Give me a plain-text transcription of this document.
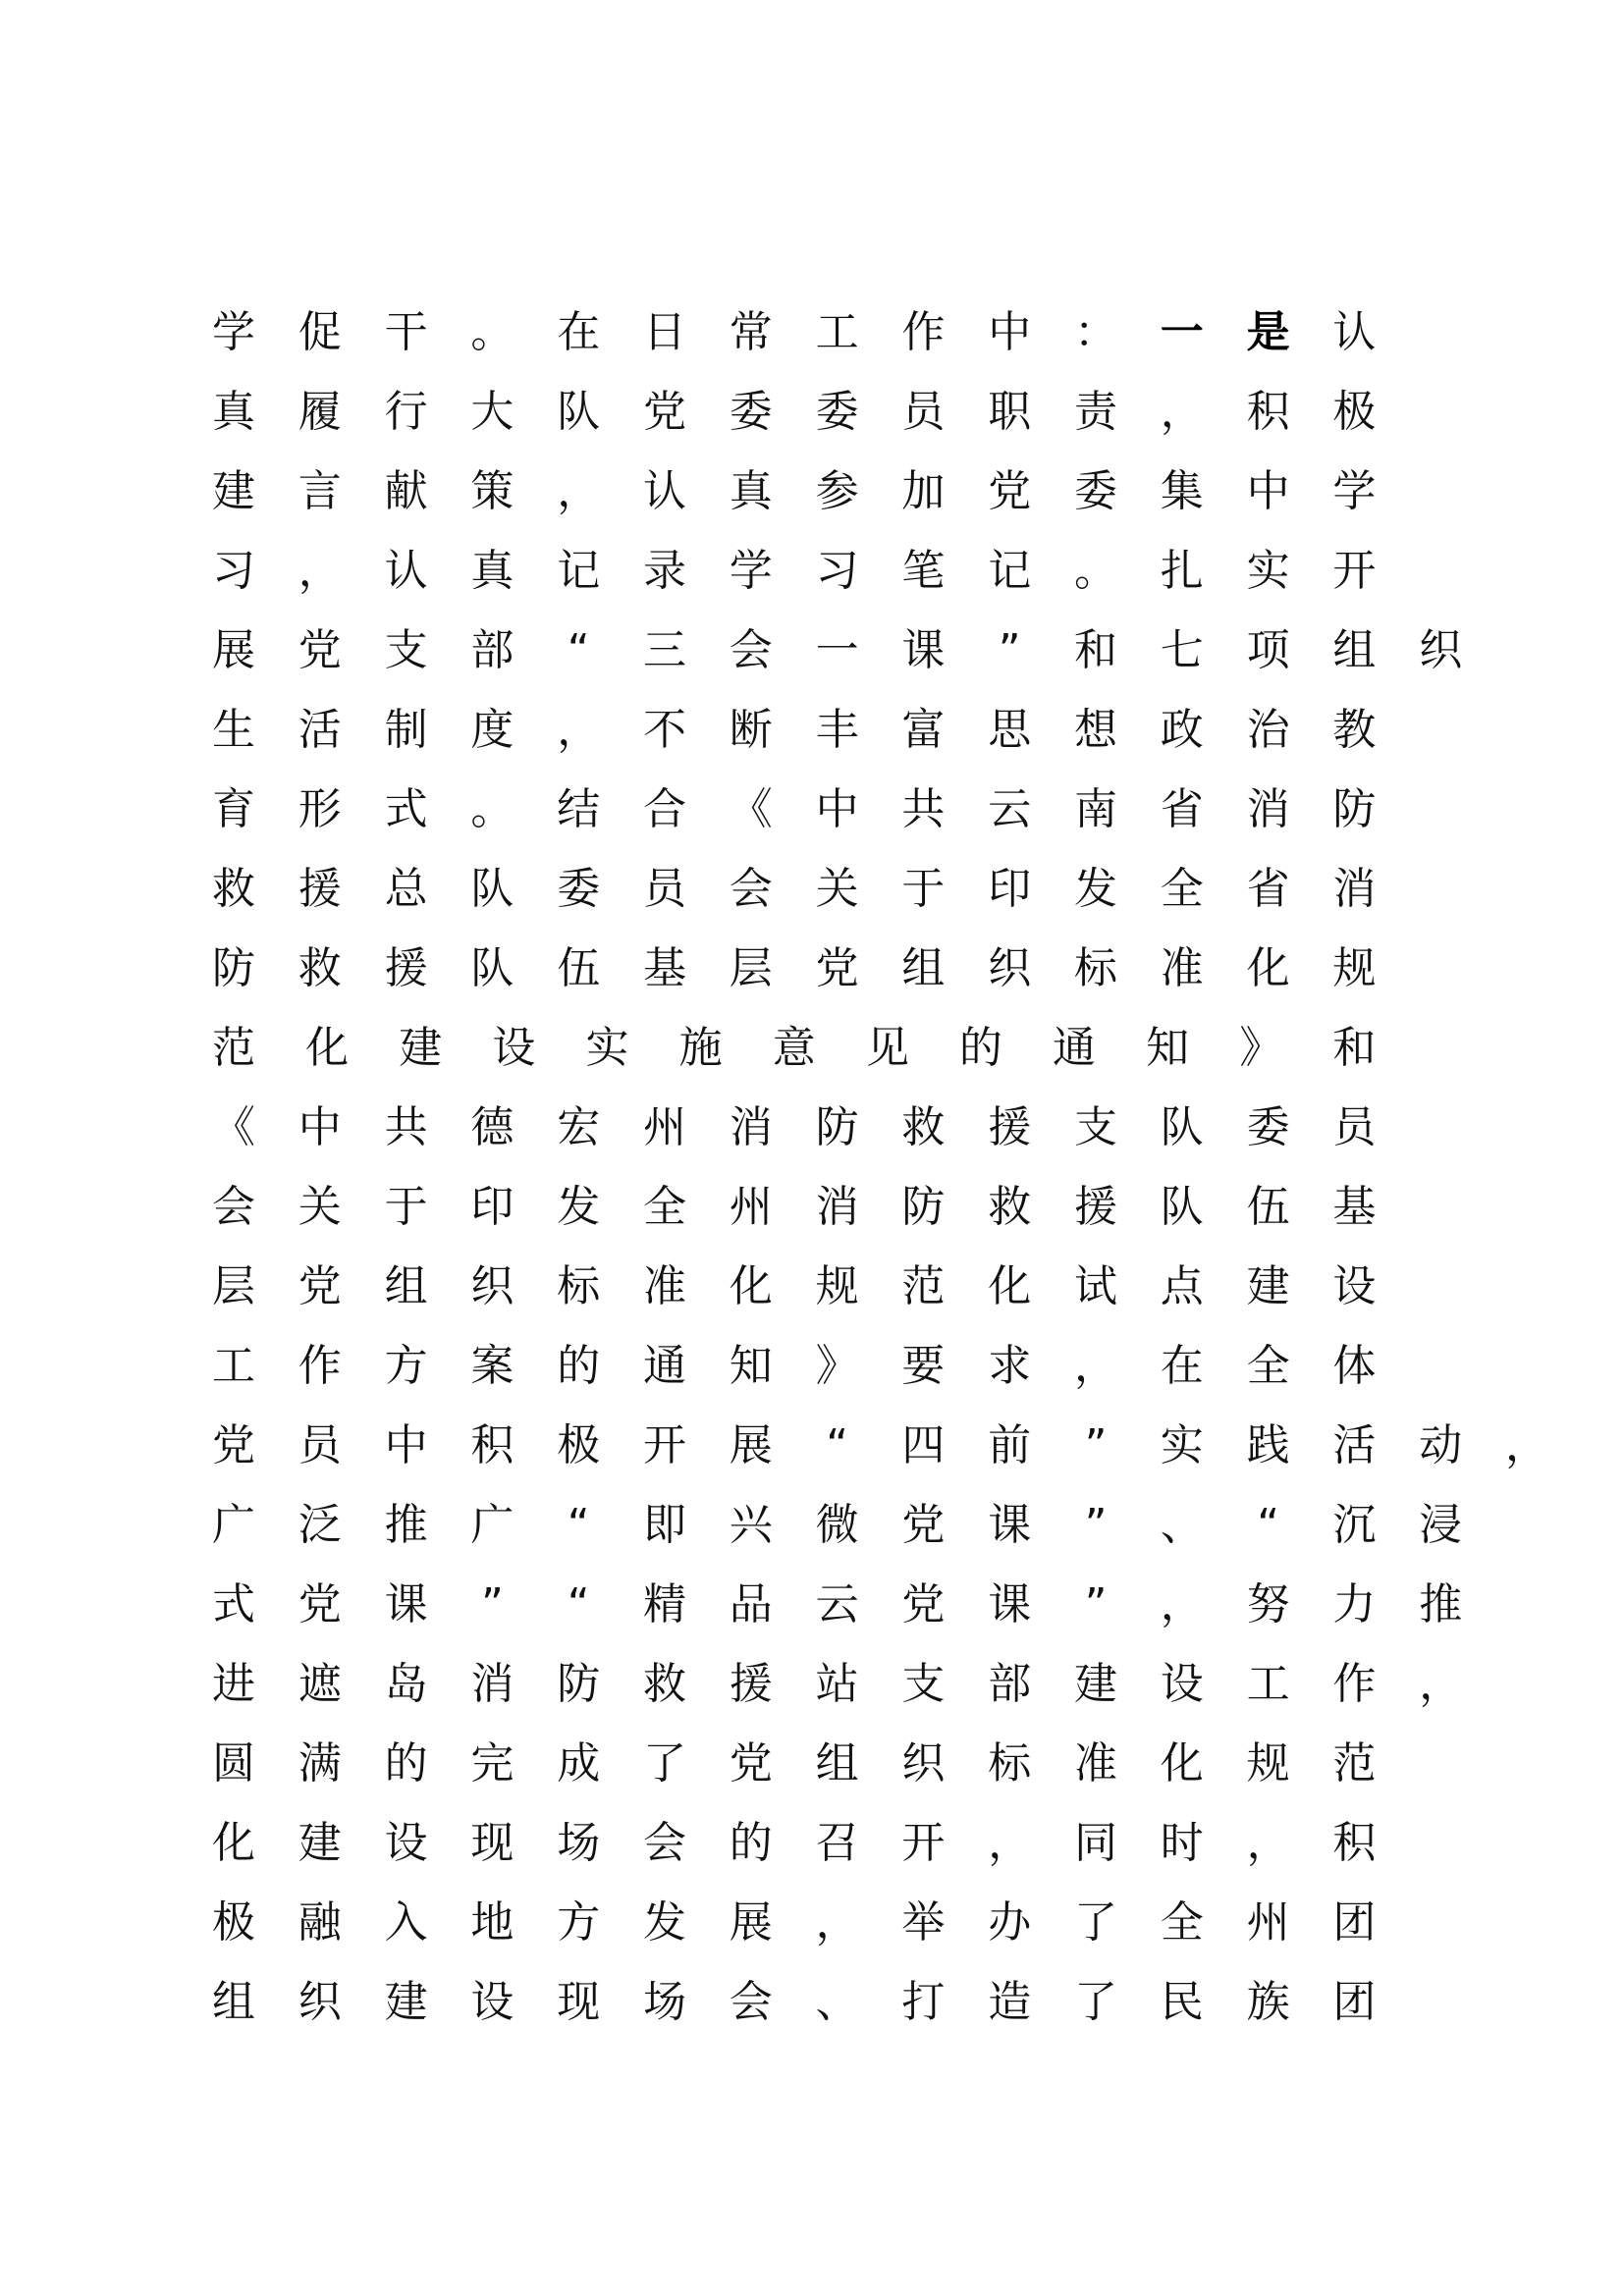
学 促 干 。 在 日 常 工 作 中 ： 一 是 认
真 履 行 大 队 党 委 委 员 职 责 ， 积 极
建 言 献 策 ， 认 真 参 加 党 委 集 中 学
习 ， 认 真 记 录 学 习 笔 记 。 扎 实 开
展 党 支 部	“	三 会 一 课	”	和 七 项 组 织
生 活 制 度 ， 不 断 丰 富 思 想 政 治 教
育 形 式 。 结 合 《 中 共 云 南 省 消 防
救 援 总 队 委 员 会 关 于 印 发 全 省 消
防 救 援 队 伍 基 层 党 组 织 标 准 化 规
范 化 建 设 实 施 意 见 的 通 知 》 和
《 中 共 德 宏 州 消 防 救 援 支 队 委 员
会 关 于 印 发 全 州 消 防 救 援 队 伍 基
层 党 组 织 标 准 化 规 范 化 试 点 建 设
工 作 方 案 的 通 知 》 要 求 ， 在 全 体
党 员 中 积 极 开 展	“	四 前	”	实 践 活 动 ，
广 泛 推 广	“	即 兴 微 党 课	”	、	“	沉 浸
式 党 课	”	“	精 品 云 党 课	”	， 努 力 推
进 遮 岛 消 防 救 援 站 支 部 建 设 工 作 ，
圆 满 的 完 成 了 党 组 织 标 准 化 规 范
化 建 设 现 场 会 的 召 开 ， 同 时 ， 积
极 融 入 地 方 发 展 ， 举 办 了 全 州 团
组 织 建 设 现 场 会 、 打 造 了 民 族 团
